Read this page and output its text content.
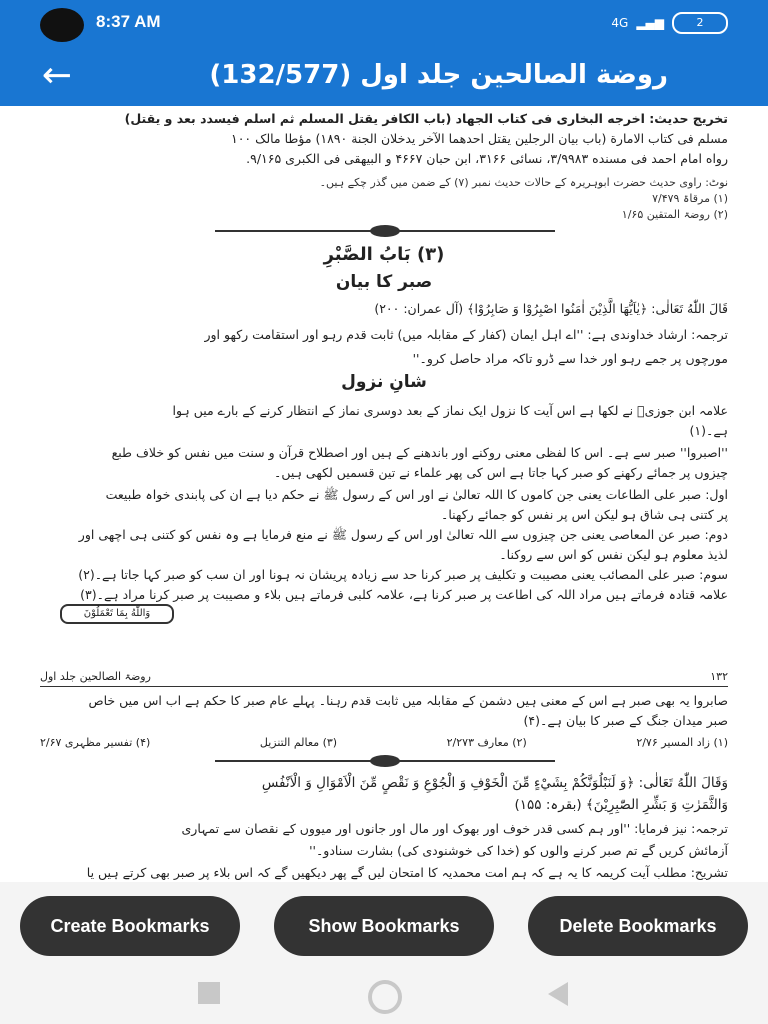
8:37 AM	4G ▂▄▆	2
←	روضة الصالحين جلد اول (132/577)
تخریج حدیث: اخرجه البخاری فی کتاب الجهاد (باب الکافر یقتل المسلم ثم اسلم فیسدد بعد و یقتل)
مسلم فی کتاب الامارة (باب بیان الرجلین یقتل احدهما الآخر یدخلان الجنة ۱۸۹۰) مؤطا مالک ۱۰۰
رواه امام احمد فی مسنده ۳/۹۹۸۳، نسائی ۳۱۶۶، ابن حبان ۴۶۶۷ و البیهقی فی الکبری ۹/۱۶۵.
نوٹ: راوی حدیث حضرت ابوہریرہ کے حالات حدیث نمبر (۷) کے ضمن میں گذر چکے ہیں۔
(۱) مرقاۃ ۷/۴۷۹
(۲) روضۃ المتقین ۱/۶۵
(۳) بَابُ الصَّبْرِ
صبر کا بیان
قَالَ اللّٰهُ تَعَالٰی: ﴿يٰاَيُّهَا الَّذِيْنَ اٰمَنُوا اصْبِرُوْا وَ صَابِرُوْا﴾ (آل عمران: ۲۰۰)
ترجمہ: ارشاد خداوندی ہے: ''اے اہل ایمان (کفار کے مقابلہ میں) ثابت قدم رہو اور استقامت رکھو اور
مورچوں پر جمے رہو اور خدا سے ڈرو تاکہ مراد حاصل کرو۔''
شانِ نزول
علامہ ابن جوزیؒ نے لکھا ہے اس آیت کا نزول ایک نماز کے بعد دوسری نماز کے انتظار کرنے کے بارے میں ہوا
ہے۔(۱)
''اصبروا'' صبر سے ہے۔ اس کا لفظی معنی روکنے اور باندھنے کے ہیں اور اصطلاح قرآن و سنت میں نفس کو خلاف طبع
چیزوں پر جمائے رکھنے کو صبر کہا جاتا ہے اس کی پھر علماء نے تین قسمیں لکھی ہیں۔
اول: صبر علی الطاعات یعنی جن کاموں کا اللہ تعالیٰ نے اور اس کے رسول ﷺ نے حکم دیا ہے ان کی پابندی خواہ طبیعت
پر کتنی ہی شاق ہو لیکن اس پر نفس کو جمائے رکھنا۔
دوم: صبر عن المعاصی یعنی جن چیزوں سے اللہ تعالیٰ اور اس کے رسول ﷺ نے منع فرمایا ہے وہ نفس کو کتنی ہی اچھی اور
لذیذ معلوم ہو لیکن نفس کو اس سے روکنا۔
سوم: صبر علی المصائب یعنی مصیبت و تکلیف پر صبر کرنا حد سے زیادہ پریشان نہ ہونا اور ان سب کو صبر کہا جاتا ہے۔(۲)
علامہ قتادہ فرماتے ہیں مراد اللہ کی اطاعت پر صبر کرنا ہے، علامہ کلبی فرماتے ہیں بلاء و مصیبت پر صبر کرنا مراد ہے۔(۳)
وَاللّٰهُ بِمَا تَعْمَلُوْنَ
۱۳۲
روضۃ الصالحین جلد اول
صابروا یہ بھی صبر ہے اس کے معنی ہیں دشمن کے مقابلہ میں ثابت قدم رہنا۔ پہلے عام صبر کا حکم ہے اب اس میں خاص
صبر میدان جنگ کے صبر کا بیان ہے۔(۴)
(۱) زاد المسیر ۲/۷۶
(۲) معارف ۲/۲۷۳
(۳) معالم التنزیل
(۴) تفسیر مظہری ۲/۶۷
وَقَالَ اللّٰهُ تَعَالٰی: ﴿وَ لَنَبْلُوَنَّكُمْ بِشَيْءٍ مِّنَ الْخَوْفِ وَ الْجُوْعِ وَ نَقْصٍ مِّنَ الْاَمْوَالِ وَ الْاَنْفُسِ
وَالثَّمَرٰتِ وَ بَشِّرِ الصّٰبِرِيْنَ﴾ (بقرہ: ۱۵۵)
ترجمہ: نیز فرمایا: ''اور ہم کسی قدر خوف اور بھوک اور مال اور جانوں اور میووں کے نقصان سے تمہاری
آزمائش کریں گے تم صبر کرنے والوں کو (خدا کی خوشنودی کی) بشارت سنادو۔''
تشریح: مطلب آیت کریمہ کا یہ ہے کہ ہم امت محمدیہ کا امتحان لیں گے پھر دیکھیں گے کہ اس بلاء پر صبر بھی کرتے ہیں یا
Create Bookmarks	Show Bookmarks	Delete Bookmarks
